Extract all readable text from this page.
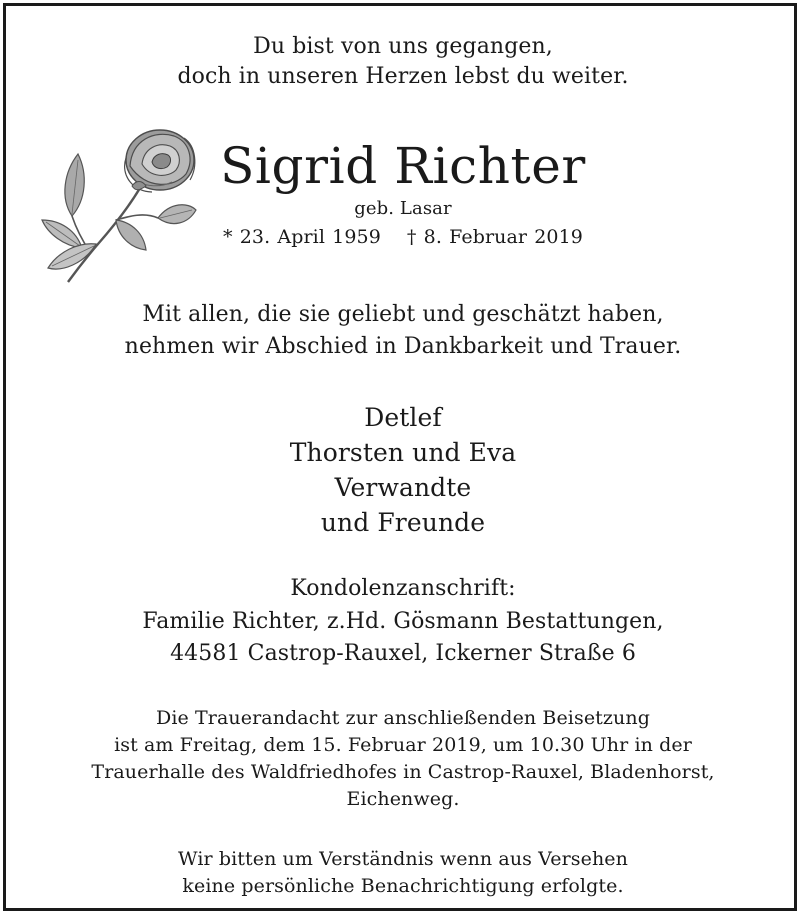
Du bist von uns gegangen,
doch in unseren Herzen lebst du weiter.
Sigrid Richter
geb. Lasar
* 23. April 1959 † 8. Februar 2019
Mit allen, die sie geliebt und geschätzt haben,
nehmen wir Abschied in Dankbarkeit und Trauer.
Detlef
Thorsten und Eva
Verwandte
und Freunde
Kondolenzanschrift:
Familie Richter, z.Hd. Gösmann Bestattungen,
44581 Castrop-Rauxel, Ickerner Straße 6
Die Trauerandacht zur anschließenden Beisetzung
ist am Freitag, dem 15. Februar 2019, um 10.30 Uhr in der
Trauerhalle des Waldfriedhofes in Castrop-Rauxel, Bladenhorst,
Eichenweg.
Wir bitten um Verständnis wenn aus Versehen
keine persönliche Benachrichtigung erfolgte.
